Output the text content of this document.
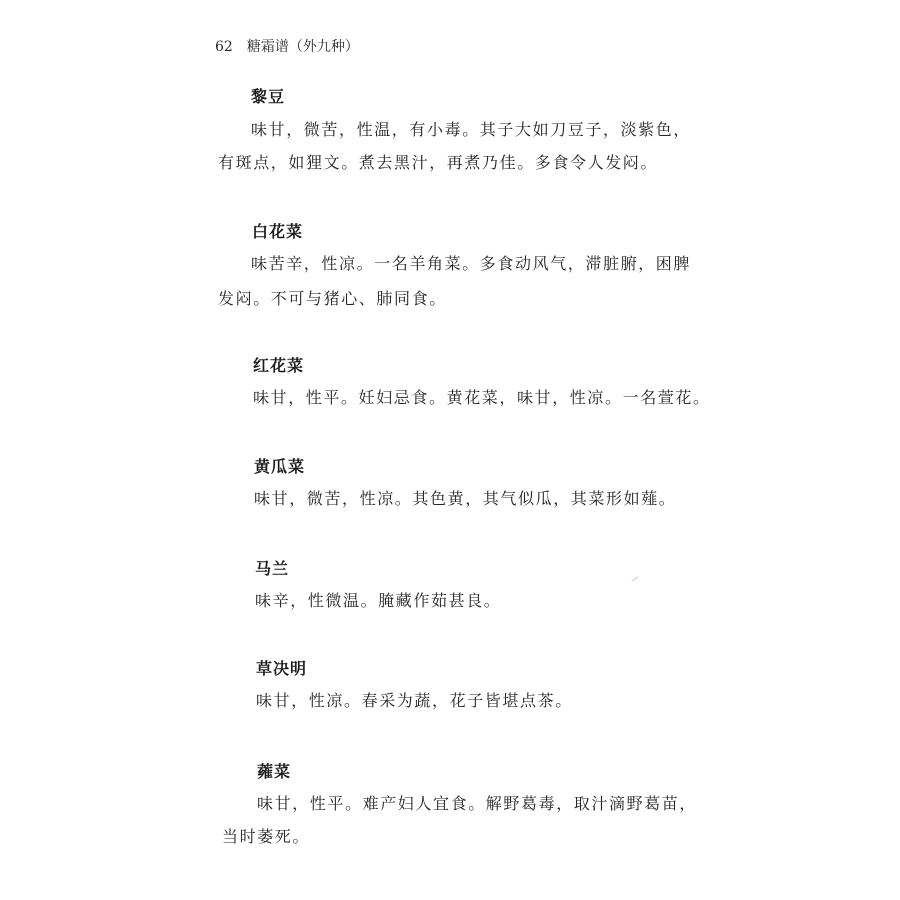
62 糖霜谱（外九种）
黎豆
味甘，微苦，性温，有小毒。其子大如刀豆子，淡紫色，
有斑点，如狸文。煮去黑汁，再煮乃佳。多食令人发闷。
白花菜
味苦辛，性凉。一名羊角菜。多食动风气，滞脏腑，困脾
发闷。不可与猪心、肺同食。
红花菜
味甘，性平。妊妇忌食。黄花菜，味甘，性凉。一名萱花。
黄瓜菜
味甘，微苦，性凉。其色黄，其气似瓜，其菜形如薤。
马兰
味辛，性微温。腌藏作茹甚良。
草决明
味甘，性凉。春采为蔬，花子皆堪点茶。
蕹菜
味甘，性平。难产妇人宜食。解野葛毒，取汁滴野葛苗，
当时萎死。
